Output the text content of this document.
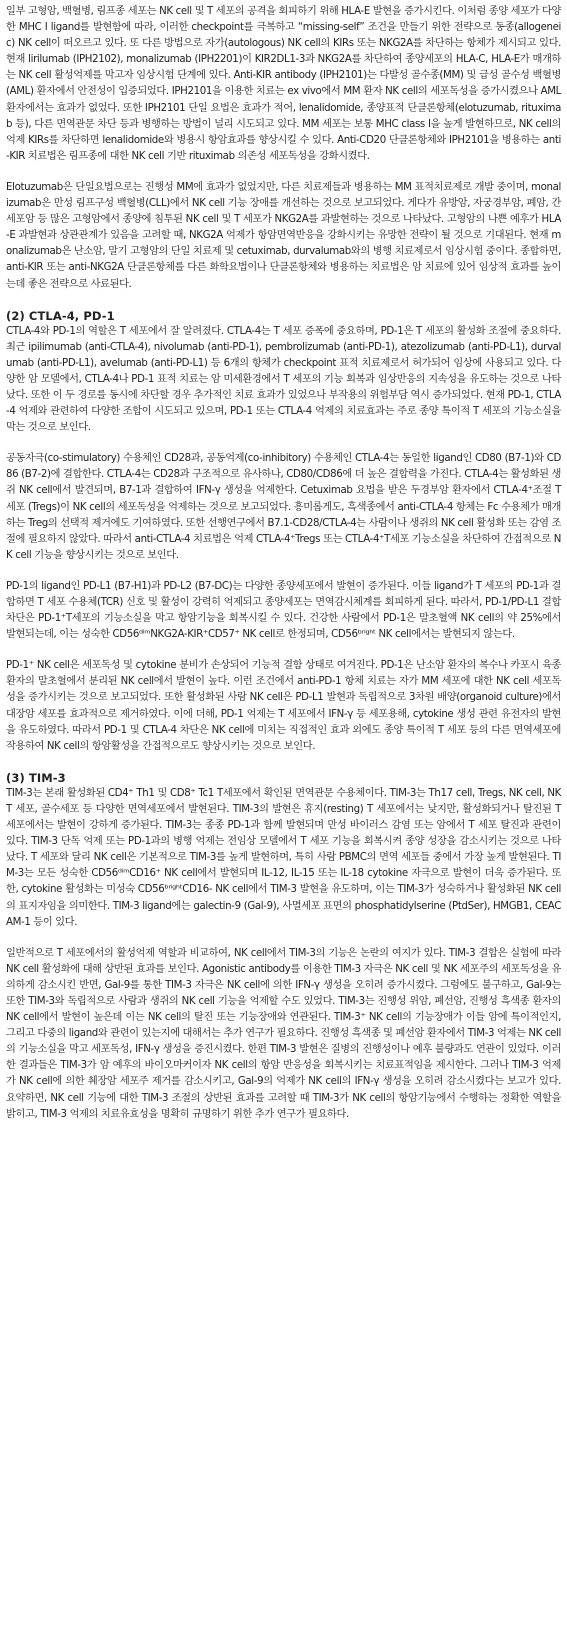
일부 고형암, 백혈병, 림프종 세포는 NK cell 및 T 세포의 공격을 회피하기 위해 HLA-E 발현을 증가시킨다. 이처럼 종양 세포가 다양한 MHC I ligand를 발현함에 따라, 이러한 checkpoint를 극복하고 “missing-self” 조건을 만들기 위한 전략으로 동종(allogeneic) NK cell이 떠오르고 있다. 또 다른 방법으로 자가(autologous) NK cell의 KIRs 또는 NKG2A를 차단하는 항체가 제시되고 있다. 현재 lirilumab (IPH2102), monalizumab (IPH2201)이 KIR2DL1-3과 NKG2A를 차단하여 종양세포의 HLA-C, HLA-E가 매개하는 NK cell 활성억제를 막고자 임상시험 단계에 있다. Anti-KIR antibody (IPH2101)는 다발성 골수종(MM) 및 급성 골수성 백혈병(AML) 환자에서 안전성이 입증되었다. IPH2101을 이용한 치료는 ex vivo에서 MM 환자 NK cell의 세포독성을 증가시켰으나 AML 환자에서는 효과가 없었다. 또한 IPH2101 단일 요법은 효과가 적어, lenalidomide, 종양표적 단클론항체(elotuzumab, rituximab 등), 다른 면역관문 차단 등과 병행하는 방법이 널리 시도되고 있다. MM 세포는 보통 MHC class I을 높게 발현하므로, NK cell의 억제 KIRs를 차단하면 lenalidomide와 병용시 항암효과를 향상시킬 수 있다. Anti-CD20 단클론항체와 IPH2101을 병용하는 anti-KIR 치료법은 림프종에 대한 NK cell 기반 rituximab 의존성 세포독성을 강화시켰다.

Elotuzumab은 단일요법으로는 진행성 MM에 효과가 없었지만, 다른 치료제들과 병용하는 MM 표적치료제로 개발 중이며, monalizumab은 만성 림프구성 백혈병(CLL)에서 NK cell 기능 장애를 개선하는 것으로 보고되었다. 게다가 유방암, 자궁경부암, 폐암, 간세포암 등 많은 고형암에서 종양에 침투된 NK cell 및 T 세포가 NKG2A를 과발현하는 것으로 나타났다. 고형암의 나쁜 예후가 HLA-E 과발현과 상관관계가 있음을 고려할 때, NKG2A 억제가 항암면역반응을 강화시키는 유망한 전략이 될 것으로 기대된다. 현재 monalizumab은 난소암, 말기 고형암의 단일 치료제 및 cetuximab, durvalumab와의 병행 치료제로서 임상시험 중이다. 종합하면, anti-KIR 또는 anti-NKG2A 단클론항체를 다른 화학요법이나 단클론항체와 병용하는 치료법은 암 치료에 있어 임상적 효과를 높이는데 좋은 전략으로 사료된다.

(2) CTLA-4, PD-1

CTLA-4와 PD-1의 역할은 T 세포에서 잘 알려졌다. CTLA-4는 T 세포 증폭에 중요하며, PD-1은 T 세포의 활성화 조절에 중요하다. 최근 ipilimumab (anti-CTLA-4), nivolumab (anti-PD-1), pembrolizumab (anti-PD-1), atezolizumab (anti-PD-L1), durvalumab (anti-PD-L1), avelumab (anti-PD-L1) 등 6개의 항체가 checkpoint 표적 치료제로서 허가되어 임상에 사용되고 있다. 다양한 암 모델에서, CTLA-4나 PD-1 표적 치료는 암 미세환경에서 T 세포의 기능 회복과 임상반응의 지속성을 유도하는 것으로 나타났다. 또한 이 두 경로를 동시에 차단할 경우 추가적인 치료 효과가 있었으나 부작용의 위험부담 역시 증가되었다. 현재 PD-1, CTLA-4 억제와 관련하여 다양한 조합이 시도되고 있으며, PD-1 또는 CTLA-4 억제의 치료효과는 주로 종양 특이적 T 세포의 기능소실을 막는 것으로 보인다.

공동자극(co-stimulatory) 수용체인 CD28과, 공동억제(co-inhibitory) 수용체인 CTLA-4는 동일한 ligand인 CD80 (B7-1)와 CD86 (B7-2)에 결합한다. CTLA-4는 CD28과 구조적으로 유사하나, CD80/CD86에 더 높은 결합력을 가진다. CTLA-4는 활성화된 생쥐 NK cell에서 발견되며, B7-1과 결합하여 IFN-γ 생성을 억제한다. Cetuximab 요법을 받은 두경부암 환자에서 CTLA-4⁺조절 T 세포 (Tregs)이 NK cell의 세포독성을 억제하는 것으로 보고되었다. 흥미롭게도, 흑색종에서 anti-CTLA-4 항체는 Fc 수용체가 매개하는 Treg의 선택적 제거에도 기여하였다. 또한 선행연구에서 B7.1-CD28/CTLA-4는 사람이나 생쥐의 NK cell 활성화 또는 감염 조절에 필요하지 않았다. 따라서 anti-CTLA-4 치료법은 억제 CTLA-4⁺Tregs 또는 CTLA-4⁺T세포 기능소실을 차단하여 간접적으로 NK cell 기능을 향상시키는 것으로 보인다.

PD-1의 ligand인 PD-L1 (B7-H1)과 PD-L2 (B7-DC)는 다양한 종양세포에서 발현이 증가된다. 이들 ligand가 T 세포의 PD-1과 결합하면 T 세포 수용체(TCR) 신호 및 활성이 강력히 억제되고 종양세포는 면역감시체계를 회피하게 된다. 따라서, PD-1/PD-L1 결합 차단은 PD-1⁺T세포의 기능소실을 막고 항암기능을 회복시킬 수 있다. 건강한 사람에서 PD-1은 말초혈액 NK cell의 약 25%에서 발현되는데, 이는 성숙한 CD56ᵈⁱᵐNKG2A-KIR⁺CD57⁺ NK cell로 한정되며, CD56ᵇʳⁱᵍʰᵗ NK cell에서는 발현되지 않는다.

PD-1⁺ NK cell은 세포독성 및 cytokine 분비가 손상되어 기능적 결함 상태로 여겨진다. PD-1은 난소암 환자의 복수나 카포시 육종 환자의 말초혈에서 분리된 NK cell에서 발현이 높다. 이런 조건에서 anti-PD-1 항체 치료는 자가 MM 세포에 대한 NK cell 세포독성을 증가시키는 것으로 보고되었다. 또한 활성화된 사람 NK cell은 PD-L1 발현과 독립적으로 3차원 배양(organoid culture)에서 대장암 세포를 효과적으로 제거하였다. 이에 더해, PD-1 억제는 T 세포에서 IFN-γ 등 세포용해, cytokine 생성 관련 유전자의 발현을 유도하였다. 따라서 PD-1 및 CTLA-4 차단은 NK cell에 미치는 직접적인 효과 외에도 종양 특이적 T 세포 등의 다른 면역세포에 작용하여 NK cell의 항암활성을 간접적으로도 향상시키는 것으로 보인다.

(3) TIM-3

TIM-3는 본래 활성화된 CD4⁺ Th1 및 CD8⁺ Tc1 T세포에서 확인된 면역관문 수용체이다. TIM-3는 Th17 cell, Tregs, NK cell, NKT 세포, 골수세포 등 다양한 면역세포에서 발현된다. TIM-3의 발현은 휴지(resting) T 세포에서는 낮지만, 활성화되거나 탈진된 T 세포에서는 발현이 강하게 증가된다. TIM-3는 종종 PD-1과 함께 발현되며 만성 바이러스 감염 또는 암에서 T 세포 탈진과 관련이 있다. TIM-3 단독 억제 또는 PD-1과의 병행 억제는 전임상 모델에서 T 세포 기능을 회복시켜 종양 성장을 감소시키는 것으로 나타났다. T 세포와 달리 NK cell은 기본적으로 TIM-3를 높게 발현하며, 특히 사람 PBMC의 면역 세포들 중에서 가장 높게 발현된다. TIM-3는 모든 성숙한 CD56ᵈⁱᵐCD16⁺ NK cell에서 발현되며 IL-12, IL-15 또는 IL-18 cytokine 자극으로 발현이 더욱 증가된다. 또한, cytokine 활성화는 미성숙 CD56ᵇʳⁱᵍʰᵗCD16- NK cell에서 TIM-3 발현을 유도하며, 이는 TIM-3가 성숙하거나 활성화된 NK cell의 표지자임을 의미한다. TIM-3 ligand에는 galectin-9 (Gal-9), 사멸세포 표면의 phosphatidylserine (PtdSer), HMGB1, CEACAM-1 등이 있다.

일반적으로 T 세포에서의 활성억제 역할과 비교하여, NK cell에서 TIM-3의 기능은 논란의 여지가 있다. TIM-3 결합은 실험에 따라 NK cell 활성화에 대해 상반된 효과를 보인다. Agonistic antibody를 이용한 TIM-3 자극은 NK cell 및 NK 세포주의 세포독성을 유의하게 감소시킨 반면, Gal-9를 통한 TIM-3 자극은 NK cell에 의한 IFN-γ 생성을 오히려 증가시켰다. 그럼에도 불구하고, Gal-9는 또한 TIM-3와 독립적으로 사람과 생쥐의 NK cell 기능을 억제할 수도 있었다. TIM-3는 진행성 위암, 폐선암, 진행성 흑색종 환자의 NK cell에서 발현이 높은데 이는 NK cell의 탈진 또는 기능장애와 연관된다. TIM-3⁺ NK cell의 기능장애가 이들 암에 특이적인지, 그리고 다중의 ligand와 관련이 있는지에 대해서는 추가 연구가 필요하다. 진행성 흑색종 및 폐선암 환자에서 TIM-3 억제는 NK cell의 기능소실을 막고 세포독성, IFN-γ 생성을 증진시켰다. 한편 TIM-3 발현은 질병의 진행성이나 예후 불량과도 연관이 있었다. 이러한 결과들은 TIM-3가 암 예후의 바이오마커이자 NK cell의 항암 반응성을 회복시키는 치료표적임을 제시한다. 그러나 TIM-3 억제가 NK cell에 의한 췌장암 세포주 제거를 감소시키고, Gal-9의 억제가 NK cell의 IFN-γ 생성을 오히려 감소시켰다는 보고가 있다. 요약하면, NK cell 기능에 대한 TIM-3 조절의 상반된 효과를 고려할 때 TIM-3가 NK cell의 항암기능에서 수행하는 정확한 역할을 밝히고, TIM-3 억제의 치료유효성을 명확히 규명하기 위한 추가 연구가 필요하다.
